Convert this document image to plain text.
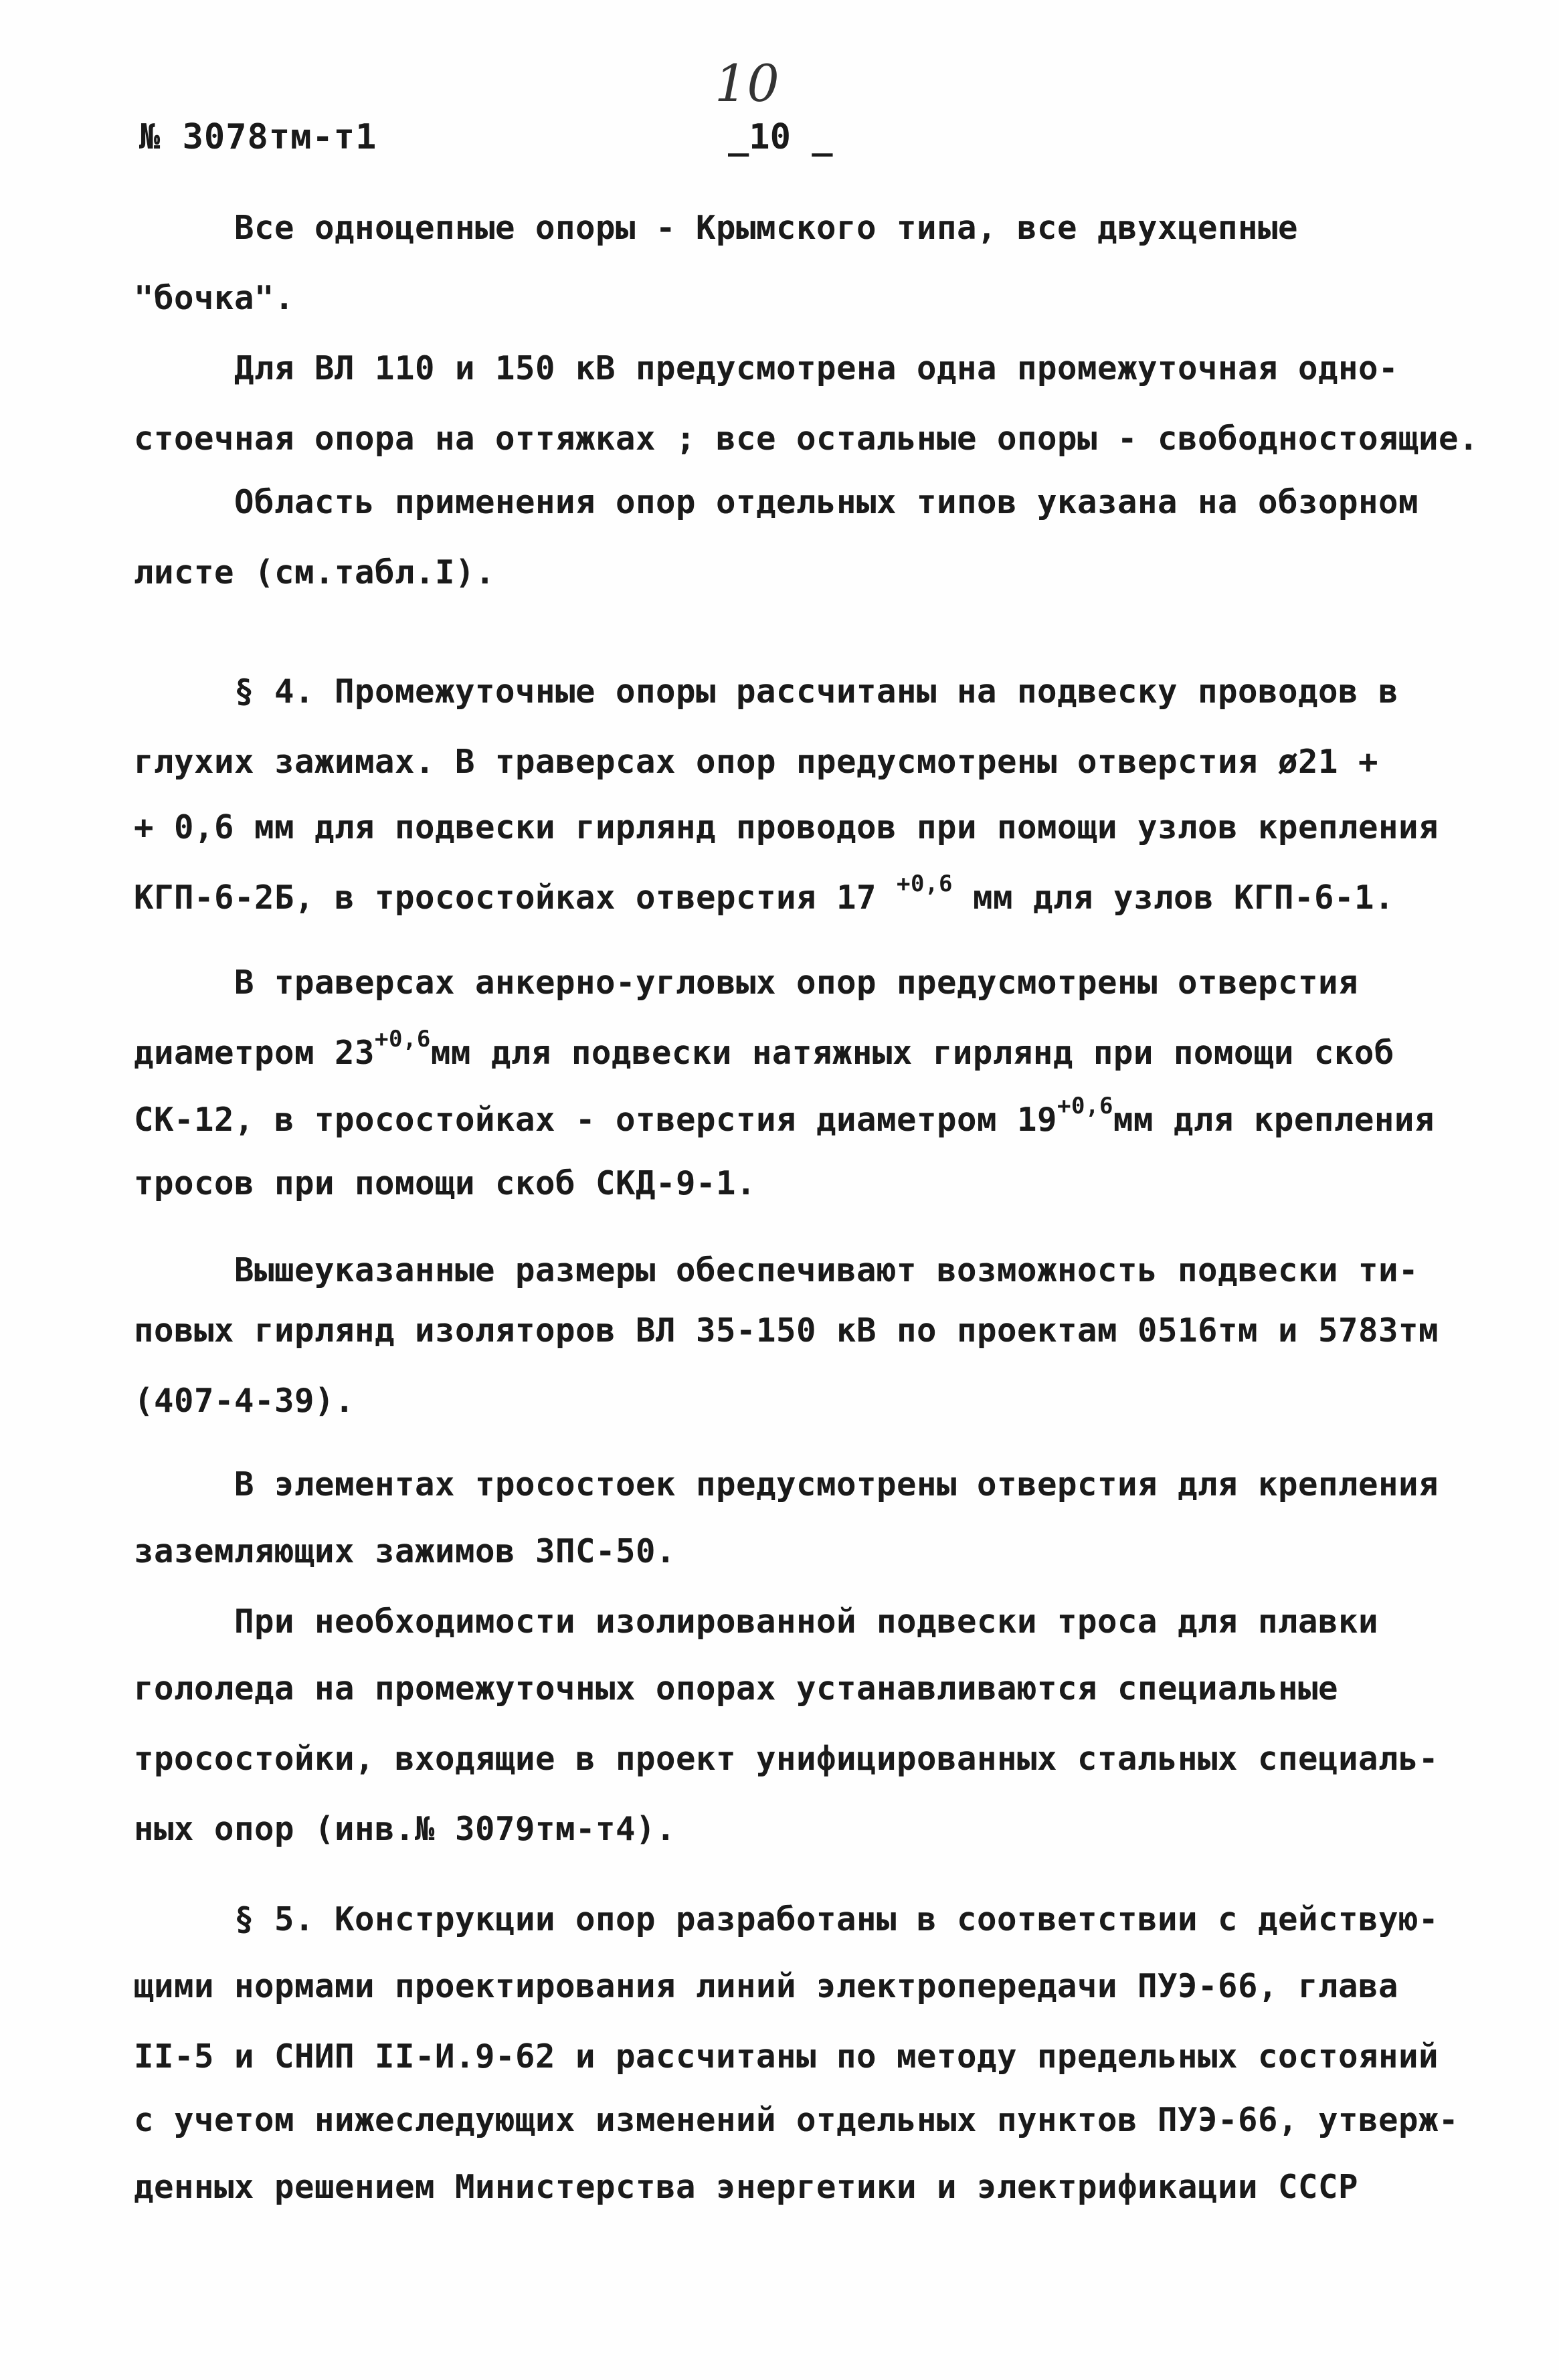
№ 3078тм-т1	_10 _
10
Все одноцепные опоры - Крымского типа, все двухцепные
"бочка".
Для ВЛ 110 и 150 кВ предусмотрена одна промежуточная одно-
стоечная опора на оттяжках ; все остальные опоры - свободностоящие.
Область применения опор отдельных типов указана на обзорном
листе (см.табл.I).
§ 4. Промежуточные опоры рассчитаны на подвеску проводов в
глухих зажимах. В траверсах опор предусмотрены отверстия ø21 +
+ 0,6 мм для подвески гирлянд проводов при помощи узлов крепления
КГП-6-2Б, в тросостойках отверстия 17 $^{+0,6}$ мм для узлов КГП-6-1.
В траверсах анкерно-угловых опор предусмотрены отверстия
диаметром $23^{+0,6}мм$ для подвески натяжных гирлянд при помощи скоб
СК-12, в тросостойках - отверстия диаметром $19^{+0,6}мм$ для крепления
тросов при помощи скоб СКД-9-1.
Вышеуказанные размеры обеспечивают возможность подвески ти-
повых гирлянд изоляторов ВЛ 35-150 кВ по проектам 0516тм и 5783тм
(407-4-39).
В элементах тросостоек предусмотрены отверстия для крепления
заземляющих зажимов ЗПС-50.
При необходимости изолированной подвески троса для плавки
гололеда на промежуточных опорах устанавливаются специальные
тросостойки, входящие в проект унифицированных стальных специаль-
ных опор (инв.№ 3079тм-т4).
§ 5. Конструкции опор разработаны в соответствии с действую-
щими нормами проектирования линий электропередачи ПУЭ-66, глава
II-5 и СНИП II-И.9-62 и рассчитаны по методу предельных состояний
с учетом нижеследующих изменений отдельных пунктов ПУЭ-66, утверж-
денных решением Министерства энергетики и электрификации СССР
